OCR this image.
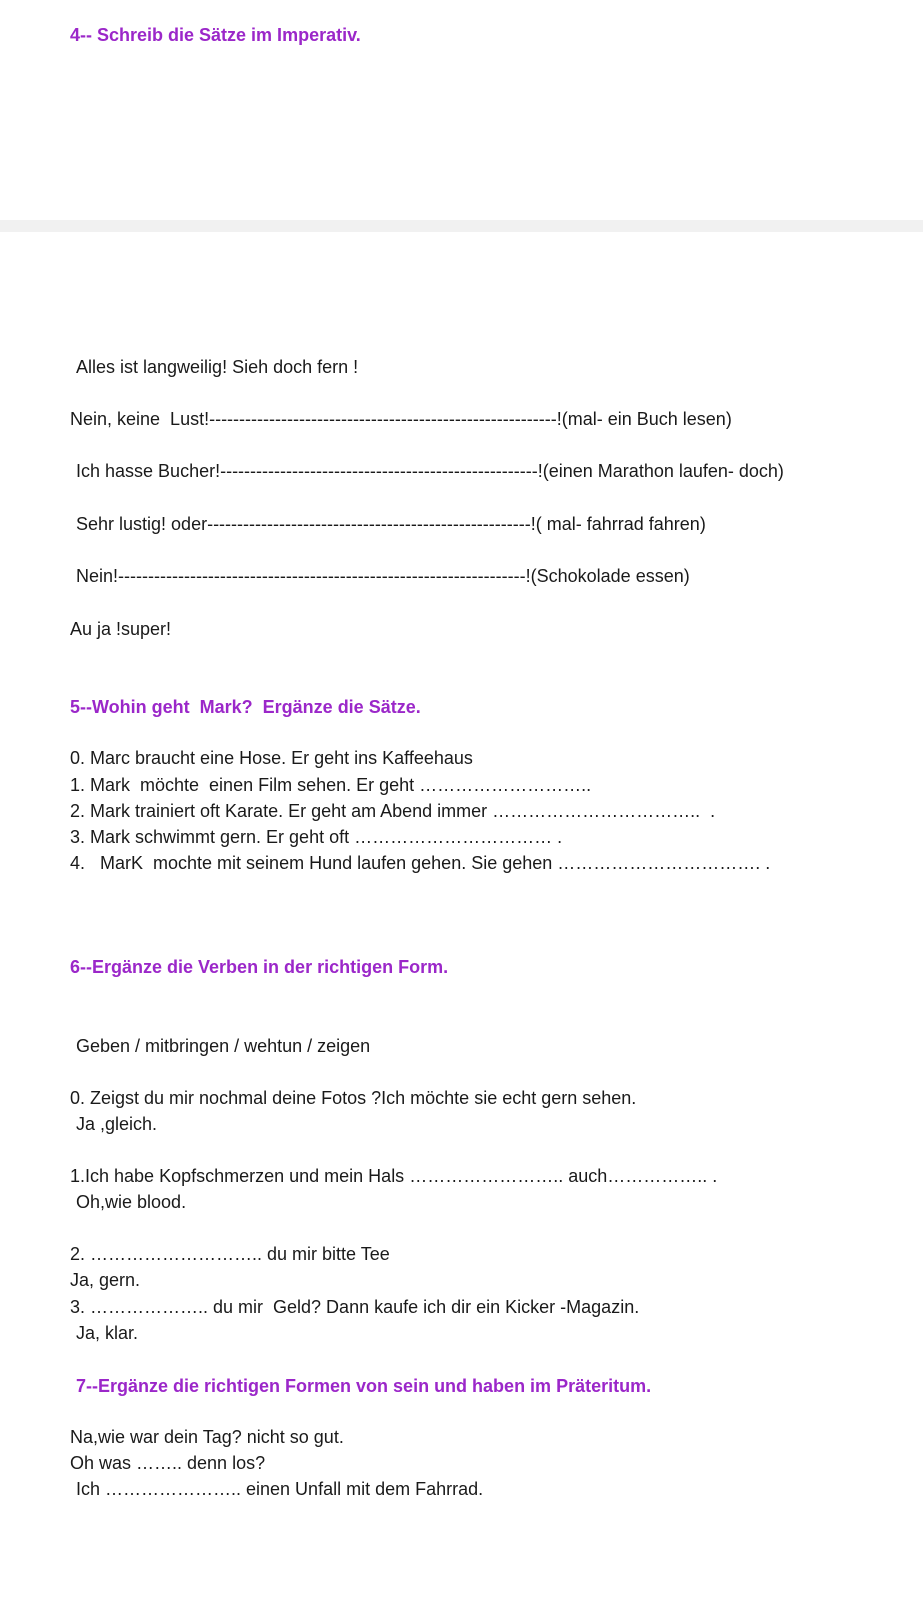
4-- Schreib die Sätze im Imperativ.
Alles ist langweilig! Sieh doch fern !
Nein, keine  Lust!----------------------------------------------------------!(mal- ein Buch lesen)
Ich hasse Bucher!-----------------------------------------------------!(einen Marathon laufen- doch)
Sehr lustig! oder------------------------------------------------------!( mal- fahrrad fahren)
Nein!--------------------------------------------------------------------!(Schokolade essen)
Au ja !super!
5--Wohin geht  Mark?  Ergänze die Sätze.
0. Marc braucht eine Hose. Er geht ins Kaffeehaus
1. Mark  möchte  einen Film sehen. Er geht ………………………..
2. Mark trainiert oft Karate. Er geht am Abend immer ……………………………..  .
3. Mark schwimmt gern. Er geht oft …………………………… .
4.   MarK  mochte mit seinem Hund laufen gehen. Sie gehen ……………………………. .
6--Ergänze die Verben in der richtigen Form.
Geben / mitbringen / wehtun / zeigen
0. Zeigst du mir nochmal deine Fotos ?Ich möchte sie echt gern sehen.
Ja ,gleich.
1.Ich habe Kopfschmerzen und mein Hals …………………….. auch…………….. .
Oh,wie blood.
2. ……………………….. du mir bitte Tee
Ja, gern.
3. ……………….. du mir  Geld? Dann kaufe ich dir ein Kicker -Magazin.
Ja, klar.
7--Ergänze die richtigen Formen von sein und haben im Präteritum.
Na,wie war dein Tag? nicht so gut.
Oh was …….. denn los?
Ich ………………….. einen Unfall mit dem Fahrrad.
